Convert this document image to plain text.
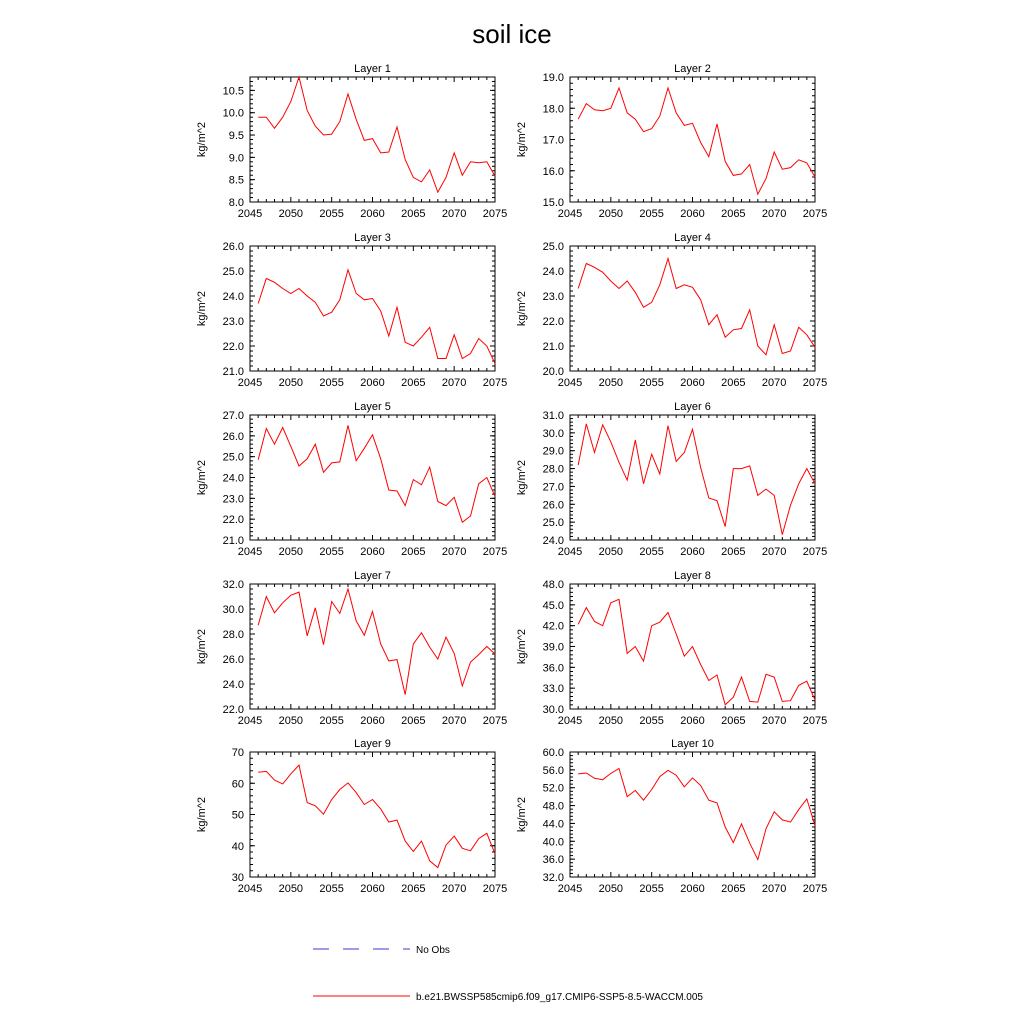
soil ice
Layer 1
kg/m^2
2045 2050 2055 2060 2065 2070 2075
8.0
8.5
9.0
9.5
10.0
10.5
Layer 2
kg/m^2
2045 2050 2055 2060 2065 2070 2075
15.0
16.0
17.0
18.0
19.0
Layer 3
kg/m^2
2045 2050 2055 2060 2065 2070 2075
21.0
22.0
23.0
24.0
25.0
26.0
Layer 4
kg/m^2
2045 2050 2055 2060 2065 2070 2075
20.0
21.0
22.0
23.0
24.0
25.0
Layer 5
kg/m^2
2045 2050 2055 2060 2065 2070 2075
21.0
22.0
23.0
24.0
25.0
26.0
27.0
Layer 6
kg/m^2
2045 2050 2055 2060 2065 2070 2075
24.0
25.0
26.0
27.0
28.0
29.0
30.0
31.0
Layer 7
kg/m^2
2045 2050 2055 2060 2065 2070 2075
22.0
24.0
26.0
28.0
30.0
32.0
Layer 8
kg/m^2
2045 2050 2055 2060 2065 2070 2075
30.0
33.0
36.0
39.0
42.0
45.0
48.0
Layer 9
kg/m^2
2045 2050 2055 2060 2065 2070 2075
30
40
50
60
70
Layer 10
kg/m^2
2045 2050 2055 2060 2065 2070 2075
32.0
36.0
40.0
44.0
48.0
52.0
56.0
60.0
No Obs
b.e21.BWSSP585cmip6.f09_g17.CMIP6-SSP5-8.5-WACCM.005
